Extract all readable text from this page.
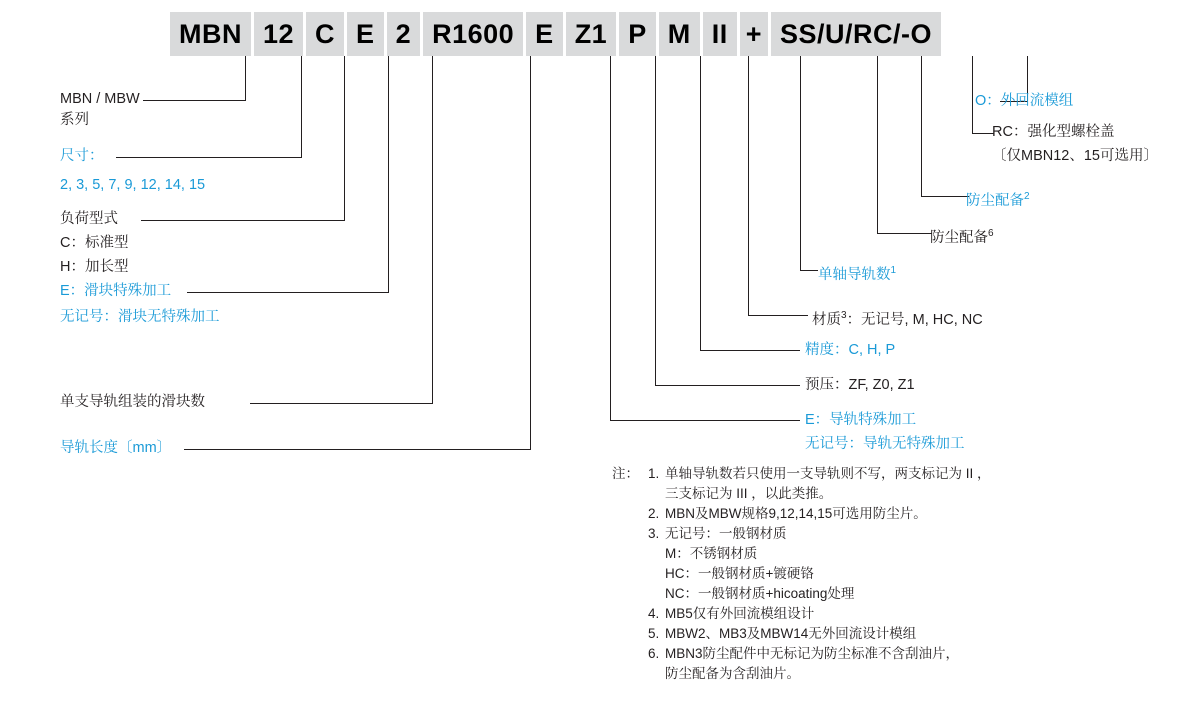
MBN 12 C E 2 R1600 E Z1 P M II + SS/U/RC/-O
MBN / MBW
系列
尺寸：
2, 3, 5, 7, 9, 12, 14, 15
负荷型式
C：标准型
H：加长型
E：滑块特殊加工
无记号：滑块无特殊加工
单支导轨组装的滑块数
导轨长度〔mm〕
O：外回流模组
RC：强化型螺栓盖
〔仅MBN12、15可选用〕
防尘配备$^2$
防尘配备$^6$
单轴导轨数$^1$
材质$^3$：无记号, M, HC, NC
精度：C, H, P
预压：ZF, Z0, Z1
E：导轨特殊加工
无记号：导轨无特殊加工
注： 1. 单轴导轨数若只使用一支导轨则不写，两支标记为 II ，
三支标记为 III ，以此类推。
2. MBN及MBW规格9,12,14,15可选用防尘片。
3. 无记号：一般钢材质
M：不锈钢材质
HC：一般钢材质+镀硬铬
NC：一般钢材质+hicoating处理
4. MB5仅有外回流模组设计
5. MBW2、MB3及MBW14无外回流设计模组
6. MBN3防尘配件中无标记为防尘标准不含刮油片，
防尘配备为含刮油片。
